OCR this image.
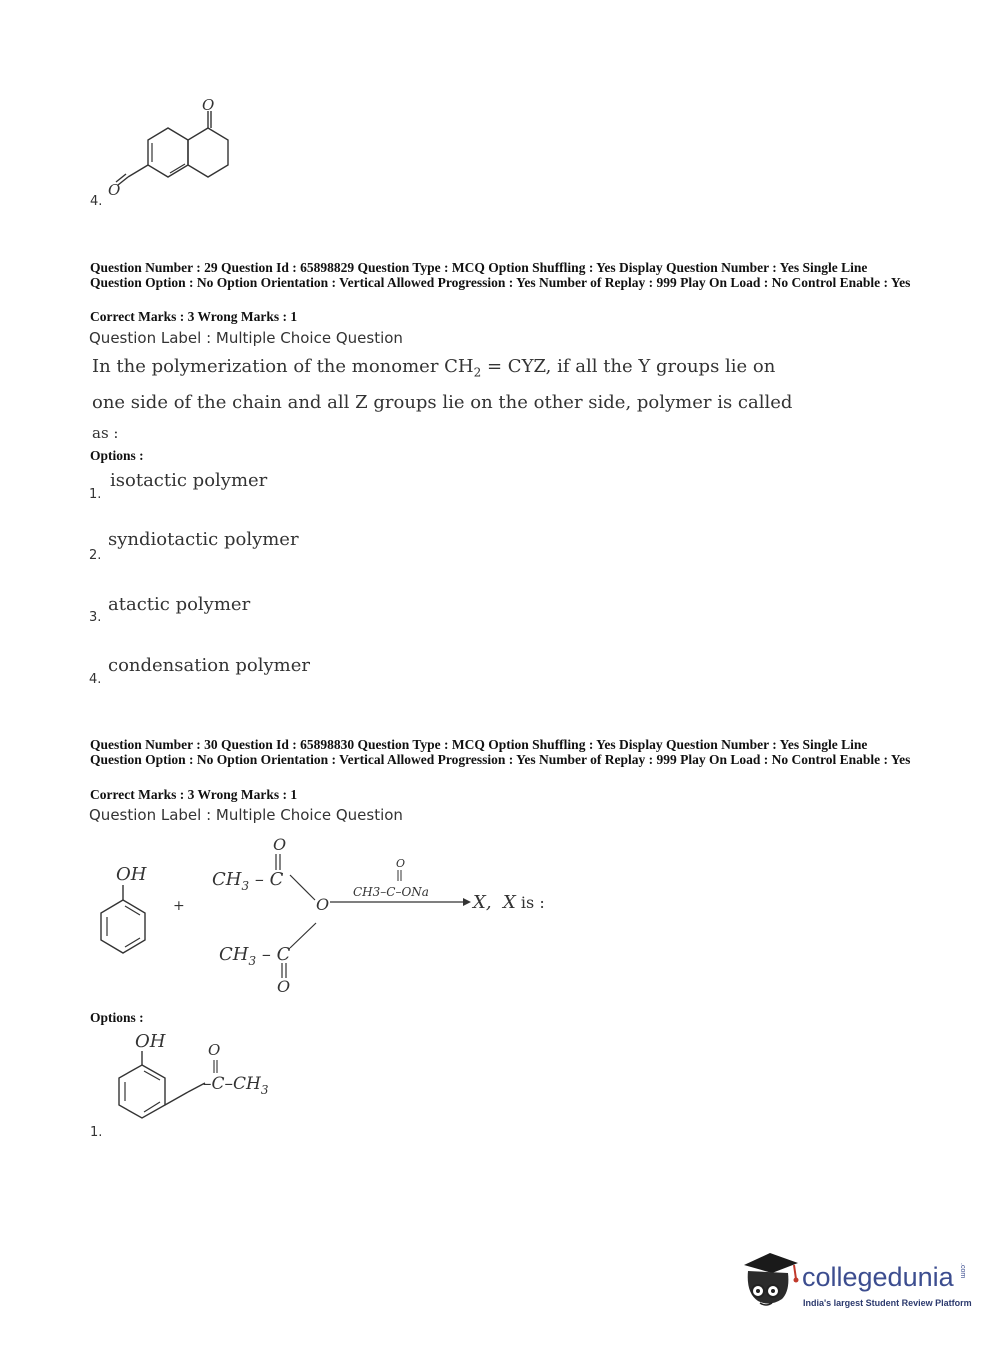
O
O
4.
Question Number : 29 Question Id : 65898829 Question Type : MCQ Option Shuffling : Yes Display Question Number : Yes Single Line Question Option : No Option Orientation : Vertical Allowed Progression : Yes Number of Replay : 999 Play On Load : No Control Enable : Yes
Correct Marks : 3 Wrong Marks : 1
Question Label : Multiple Choice Question
In the polymerization of the monomer $CH_2$ = CYZ, if all the Y groups lie on
one side of the chain and all Z groups lie on the other side, polymer is called
as :
Options :
1.
isotactic polymer
2.
syndiotactic polymer
3.
atactic polymer
4.
condensation polymer
Question Number : 30 Question Id : 65898830 Question Type : MCQ Option Shuffling : Yes Display Question Number : Yes Single Line Question Option : No Option Orientation : Vertical Allowed Progression : Yes Number of Replay : 999 Play On Load : No Control Enable : Yes
Correct Marks : 3 Wrong Marks : 1
Question Label : Multiple Choice Question
OH
+
O
$CH_3$ – C
O
$CH_3$ – C
O
O
CH3–C–ONa X, X is :
Options :
OH	O
$-C-CH_3$
1.
collegedunia .com
India's largest Student Review Platform
